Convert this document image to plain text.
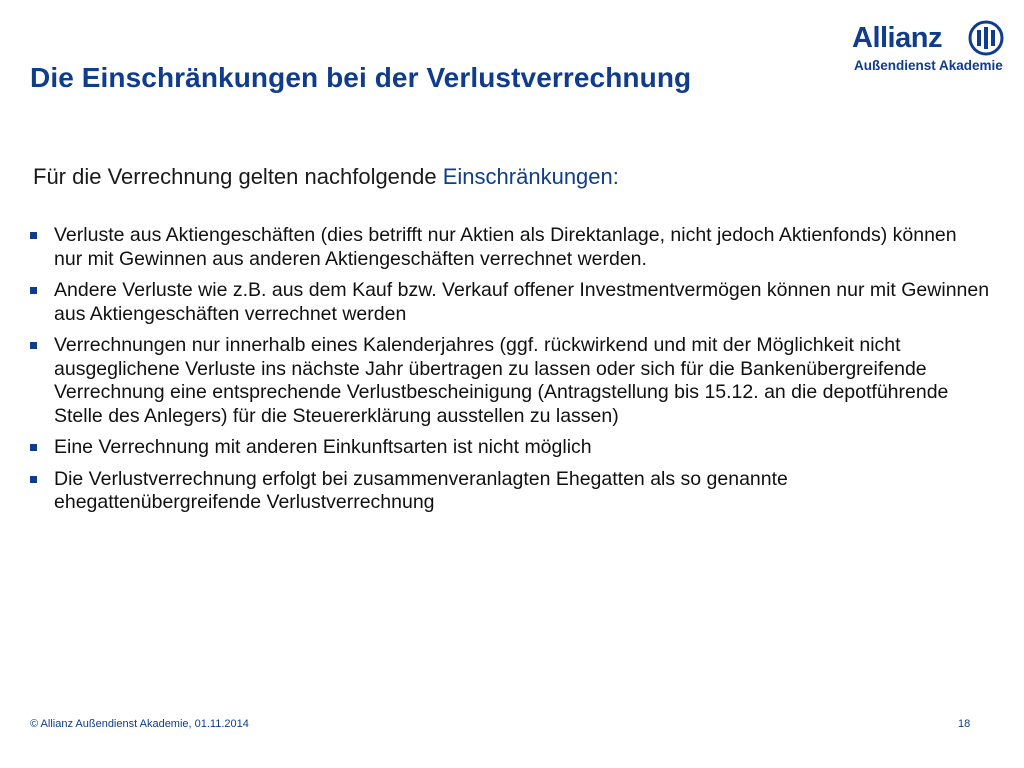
Die Einschränkungen bei der Verlustverrechnung
Allianz
Außendienst Akademie
Für die Verrechnung gelten nachfolgende Einschränkungen:
Verluste aus Aktiengeschäften (dies betrifft nur Aktien als Direktanlage, nicht jedoch Aktienfonds) können nur mit Gewinnen aus anderen Aktiengeschäften verrechnet werden.
Andere Verluste wie z.B. aus dem Kauf bzw. Verkauf offener Investmentvermögen können nur mit Gewinnen aus Aktiengeschäften verrechnet werden
Verrechnungen nur innerhalb eines Kalenderjahres (ggf. rückwirkend und mit der Möglichkeit nicht ausgeglichene Verluste ins nächste Jahr übertragen zu lassen oder sich für die Bankenübergreifende Verrechnung eine entsprechende Verlustbescheinigung (Antragstellung bis 15.12. an die depotführende Stelle des Anlegers) für die Steuererklärung ausstellen zu lassen)
Eine Verrechnung mit anderen Einkunftsarten ist nicht möglich
Die Verlustverrechnung erfolgt bei zusammenveranlagten Ehegatten als so genannte ehegattenübergreifende Verlustverrechnung
© Allianz Außendienst Akademie, 01.11.2014	18
